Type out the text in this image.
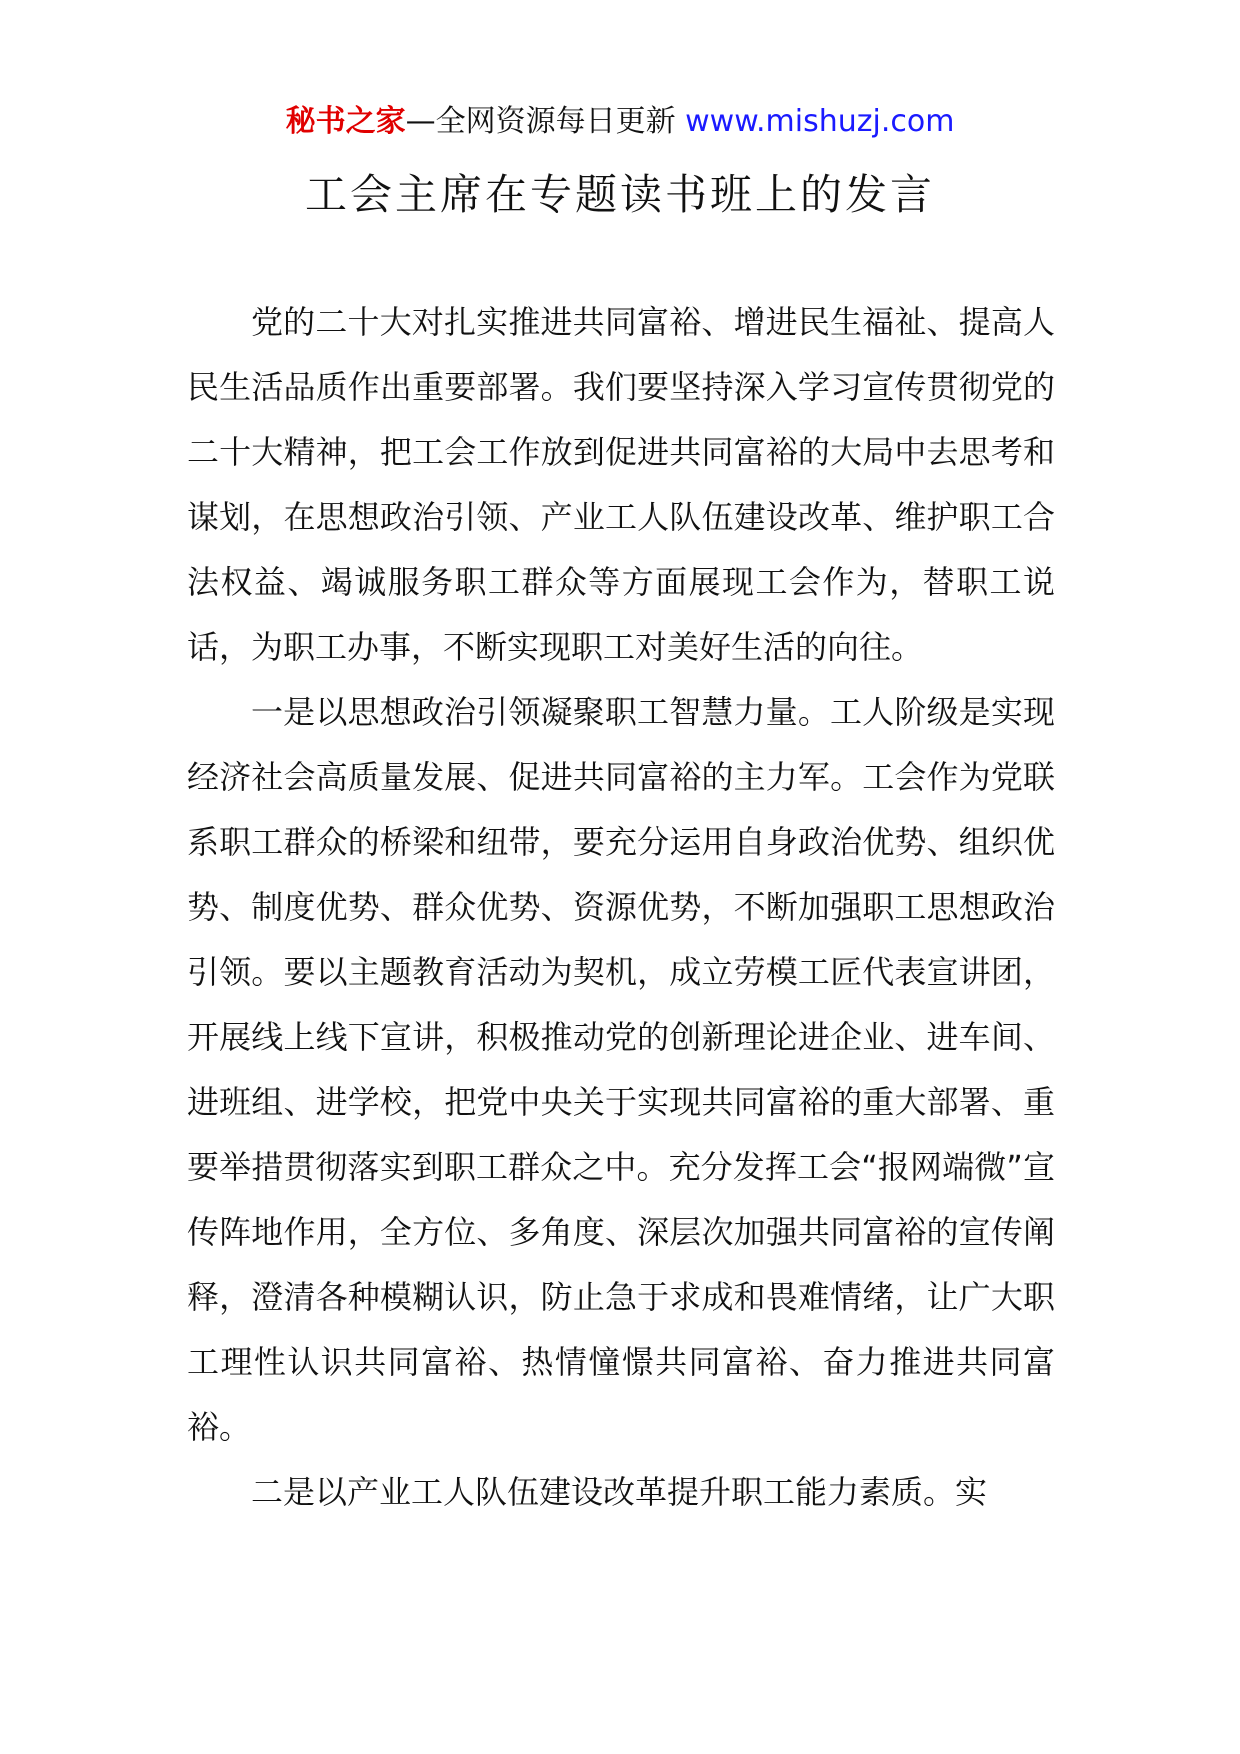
秘书之家—全网资源每日更新 www.mishuzj.com
工会主席在专题读书班上的发言

党的二十大对扎实推进共同富裕、增进民生福祉、提高人民生活品质作出重要部署。我们要坚持深入学习宣传贯彻党的二十大精神，把工会工作放到促进共同富裕的大局中去思考和谋划，在思想政治引领、产业工人队伍建设改革、维护职工合法权益、竭诚服务职工群众等方面展现工会作为，替职工说话，为职工办事，不断实现职工对美好生活的向往。

一是以思想政治引领凝聚职工智慧力量。工人阶级是实现经济社会高质量发展、促进共同富裕的主力军。工会作为党联系职工群众的桥梁和纽带，要充分运用自身政治优势、组织优势、制度优势、群众优势、资源优势，不断加强职工思想政治引领。要以主题教育活动为契机，成立劳模工匠代表宣讲团，开展线上线下宣讲，积极推动党的创新理论进企业、进车间、进班组、进学校，把党中央关于实现共同富裕的重大部署、重要举措贯彻落实到职工群众之中。充分发挥工会“报网端微”宣传阵地作用，全方位、多角度、深层次加强共同富裕的宣传阐释，澄清各种模糊认识，防止急于求成和畏难情绪，让广大职工理性认识共同富裕、热情憧憬共同富裕、奋力推进共同富裕。

二是以产业工人队伍建设改革提升职工能力素质。实
